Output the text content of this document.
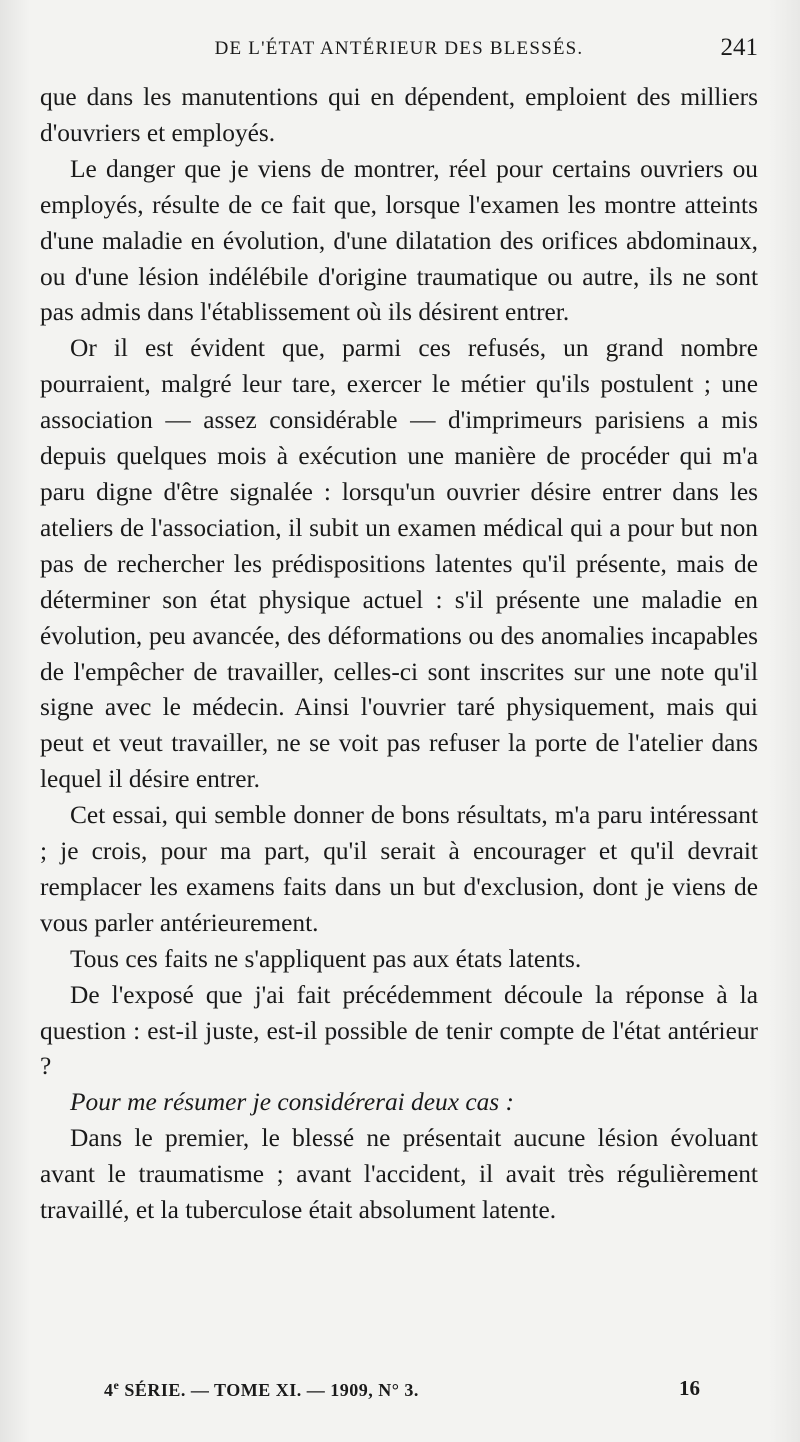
DE L'ÉTAT ANTÉRIEUR DES BLESSÉS.	241

que dans les manutentions qui en dépendent, emploient des milliers d'ouvriers et employés.

Le danger que je viens de montrer, réel pour certains ouvriers ou employés, résulte de ce fait que, lorsque l'examen les montre atteints d'une maladie en évolution, d'une dilatation des orifices abdominaux, ou d'une lésion indélébile d'origine traumatique ou autre, ils ne sont pas admis dans l'établissement où ils désirent entrer.

Or il est évident que, parmi ces refusés, un grand nombre pourraient, malgré leur tare, exercer le métier qu'ils postulent ; une association — assez considérable — d'imprimeurs parisiens a mis depuis quelques mois à exécution une manière de procéder qui m'a paru digne d'être signalée : lorsqu'un ouvrier désire entrer dans les ateliers de l'association, il subit un examen médical qui a pour but non pas de rechercher les prédispositions latentes qu'il présente, mais de déterminer son état physique actuel : s'il présente une maladie en évolution, peu avancée, des déformations ou des anomalies incapables de l'empêcher de travailler, celles-ci sont inscrites sur une note qu'il signe avec le médecin. Ainsi l'ouvrier taré physiquement, mais qui peut et veut travailler, ne se voit pas refuser la porte de l'atelier dans lequel il désire entrer.

Cet essai, qui semble donner de bons résultats, m'a paru intéressant ; je crois, pour ma part, qu'il serait à encourager et qu'il devrait remplacer les examens faits dans un but d'exclusion, dont je viens de vous parler antérieurement.

Tous ces faits ne s'appliquent pas aux états latents.

De l'exposé que j'ai fait précédemment découle la réponse à la question : est-il juste, est-il possible de tenir compte de l'état antérieur ?

Pour me résumer je considérerai deux cas :

Dans le premier, le blessé ne présentait aucune lésion évoluant avant le traumatisme ; avant l'accident, il avait très régulièrement travaillé, et la tuberculose était absolument latente.

4e SÉRIE. — TOME XI. — 1909, N° 3.	16
